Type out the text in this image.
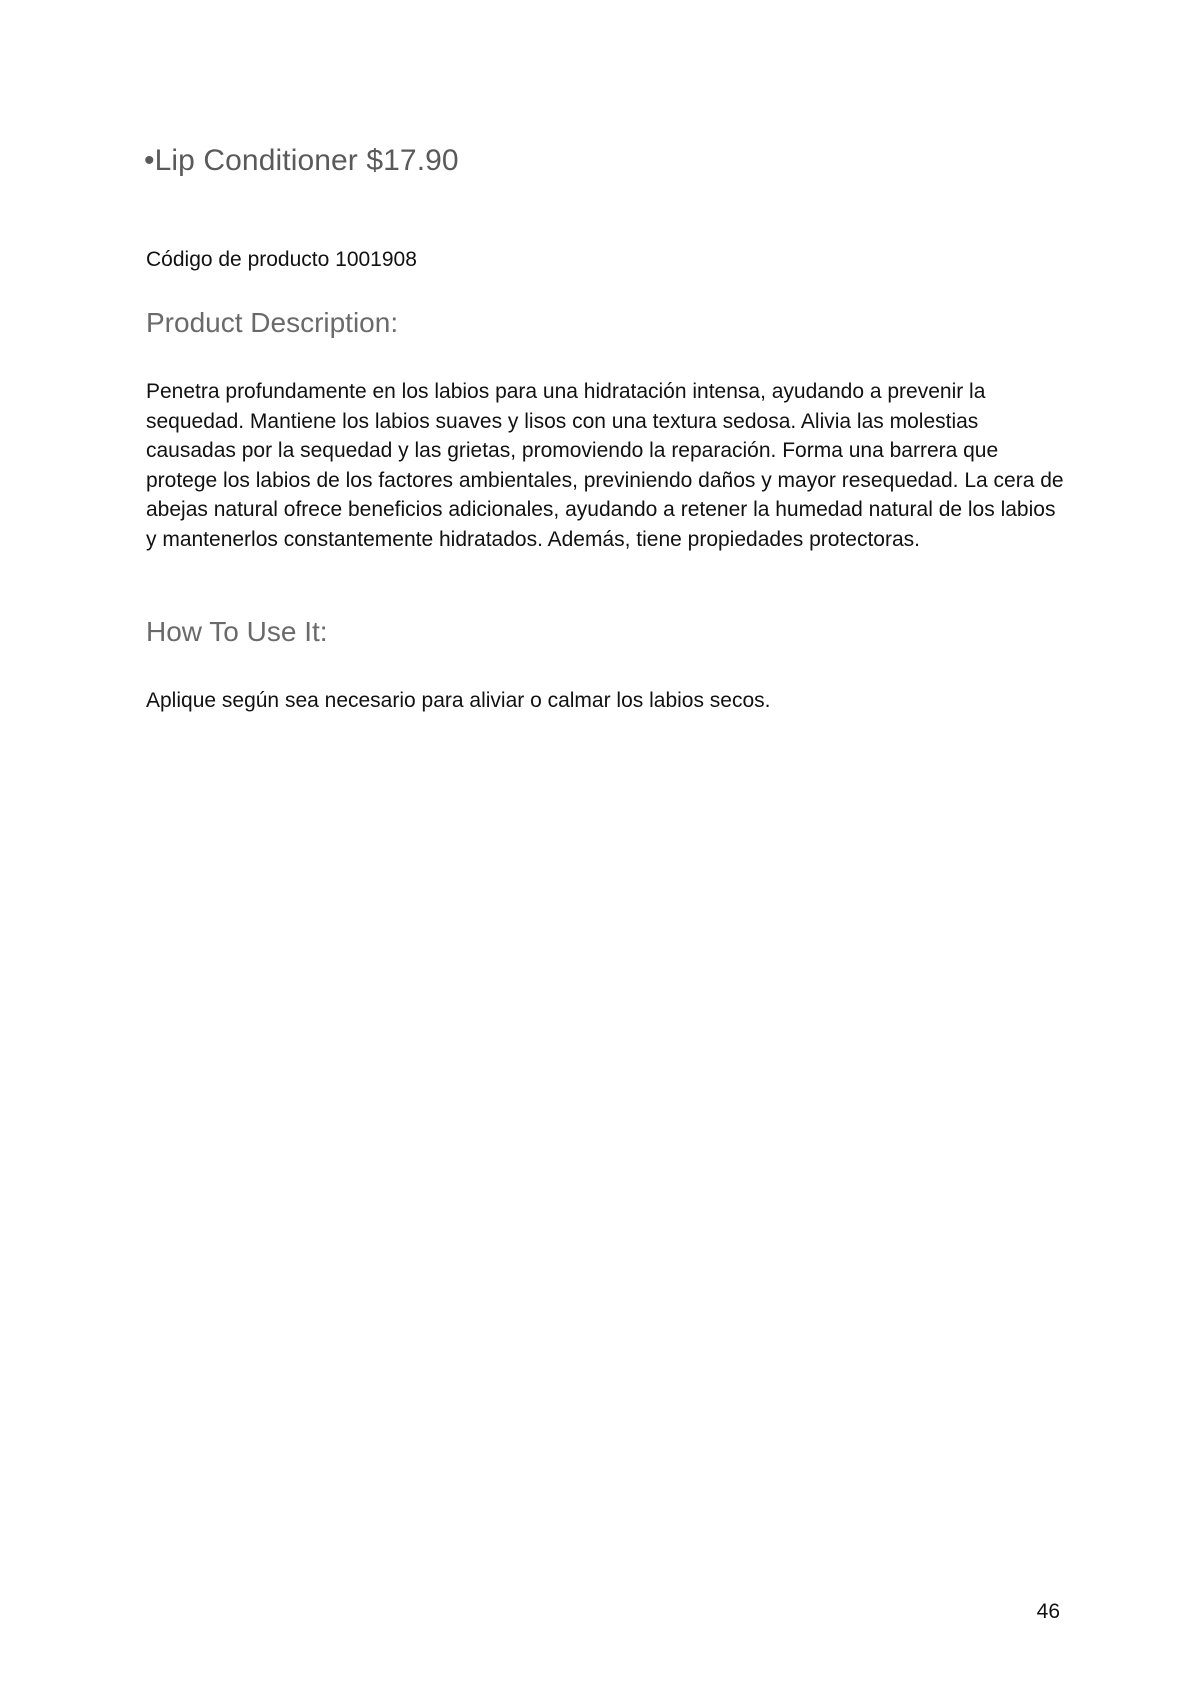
•Lip Conditioner $17.90
Código de producto 1001908
Product Description:
Penetra profundamente en los labios para una hidratación intensa, ayudando a prevenir la sequedad. Mantiene los labios suaves y lisos con una textura sedosa. Alivia las molestias causadas por la sequedad y las grietas, promoviendo la reparación. Forma una barrera que protege los labios de los factores ambientales, previniendo daños y mayor resequedad. La cera de abejas natural ofrece beneficios adicionales, ayudando a retener la humedad natural de los labios y mantenerlos constantemente hidratados. Además, tiene propiedades protectoras.
How To Use It:
Aplique según sea necesario para aliviar o calmar los labios secos.
46
